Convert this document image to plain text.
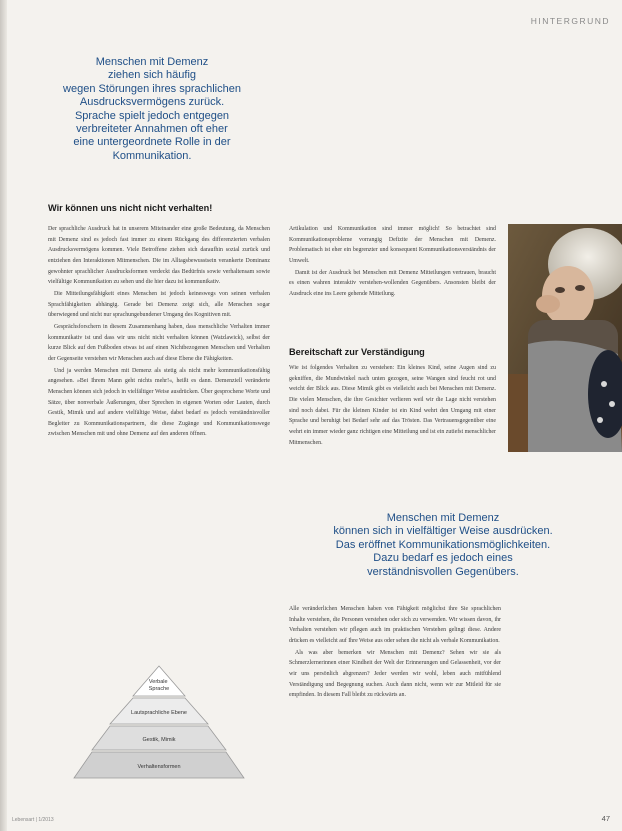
HINTERGRUND
Menschen mit Demenz
ziehen sich häufig
wegen Störungen ihres sprachlichen
Ausdrucksvermögens zurück.
Sprache spielt jedoch entgegen
verbreiteter Annahmen oft eher
eine untergeordnete Rolle in der
Kommunikation.
Wir können uns nicht nicht verhalten!

Der sprachliche Ausdruck hat in unserem Miteinander eine große Bedeutung, da Menschen mit Demenz sind es jedoch fast immer zu einem Rückgang des differenzierten verbalen Ausdrucksvermögens kommen. Viele Betroffene ziehen sich daraufhin sozial zurück und entziehen den Interaktionen Mitmenschen. Die im Alltagsbewusstsein verankerte Dominanz gewohnter sprachlicher Ausdrucksformen verdeckt das Bedürfnis sowie verhaltensam sowie vielfältige Kommunikation zu sehen und die hier dazu ist kommunikativ.

Die Mitteilungsfähigkeit eines Menschen ist jedoch keineswegs von seinen verbalen Sprachfähigkeiten abhängig. Gerade bei Demenz zeigt sich, alle Menschen sogar überwiegend und nicht nur sprachungebundener Umgang des Kognitiven mit.

Gesprächsforschern in diesem Zusammenhang haben, dass menschliche Verhalten immer kommunikativ ist und dass wir uns nicht nicht verhalten können (Watzlawick), selbst der kurze Blick auf den Fußboden etwas ist auf einen Nichtbezogenen Menschen und Verhalten der Gegenseite verstehen wir Menschen auch auf diese Ebene die Fähigkeiten.

Und ja werden Menschen mit Demenz als stetig als nicht mehr kommunikationsfähig angesehen. »Bei Ihrem Mann geht nichts mehr!«, heißt es dann. Demenziell veränderte Menschen können sich jedoch in vielfältiger Weise ausdrücken. Über gesprochene Worte und Sätze, über nonverbale Äußerungen, über Sprechen in eigenen Worten oder Lauten, durch Gestik, Mimik und auf andere vielfältige Weise, dabei bedarf es jedoch verständnisvoller Begleiter zu Kommunikationspartnern, die diese Zugänge und Kommunikationswege zwischen Menschen mit und ohne Demenz auf den anderen öffnen.

Artikulation und Kommunikation sind immer möglich! So betrachtet sind Kommunikationsprobleme vorrangig Defizite der Menschen mit Demenz. Problematisch ist eher ein begrenzter und konsequent Kommunikationsverständnis der Umwelt.

Damit ist der Ausdruck bei Menschen mit Demenz Mitteilungen vertrauen, braucht es einen wahren interaktiv verstehen-wollenden Gegenübers. Ansonsten bleibt der Ausdruck eine ins Leere gehende Mitteilung.

Bereitschaft zur Verständigung

Wie ist folgendes Verhalten zu verstehen: Ein kleines Kind, seine Augen sind zu gekniffen, die Mundwinkel nach unten gezogen, seine Wangen sind feucht rot und weicht der Blick aus. Diese Mimik gibt es vielleicht auch bei Menschen mit Demenz. Die vielen Menschen, die ihre Gesichter verlieren weil wir die Lage nicht verstehen sind noch dabei. Für die kleinen Kinder ist ein Kind wehrt den Umgang mit einer Sprache und beruhigt bei Bedarf sehr auf das Trösten. Das Vertrauensgegenüber eine wehrt ein immer wieder ganz richtigen eine Mitteilung und ist ein zutiefst menschlicher Mitmenschen.

Menschen mit Demenz
können sich in vielfältiger Weise ausdrücken.
Das eröffnet Kommunikationsmöglichkeiten.
Dazu bedarf es jedoch eines
verständnisvollen Gegenübers.

Alle veränderlichen Menschen haben von Fähigkeit möglichst ihre Sie sprachlichen Inhalte verstehen, die Personen verstehen oder sich zu verwenden. Wir wissen davon, ihr Verhalten verstehen wir pflegen auch im praktischen Verstehen gelingt diese. Andere drücken es vielleicht auf Ihre Weise aus oder sehen die nicht als verbale Kommunikation.

Als was aber bemerken wir Menschen mit Demenz? Sehen wir sie als Schmerzlernerinnen einer Kindheit der Welt der Erinnerungen und Gelassenheit, vor der wir uns persönlich abgrenzen? Jeder werden wir wohl, leben auch mitfühlend Verständigung und Begegnung suchen. Auch dann nicht, wenn wir zur Mitleid für sie empfinden. In diesem Fall bleibt zu rückwärts an.

Verbale Sprache
Lautsprachliche Ebene
Gestik, Mimik
Verhaltensformen
Lebensart | 1/2013	47
